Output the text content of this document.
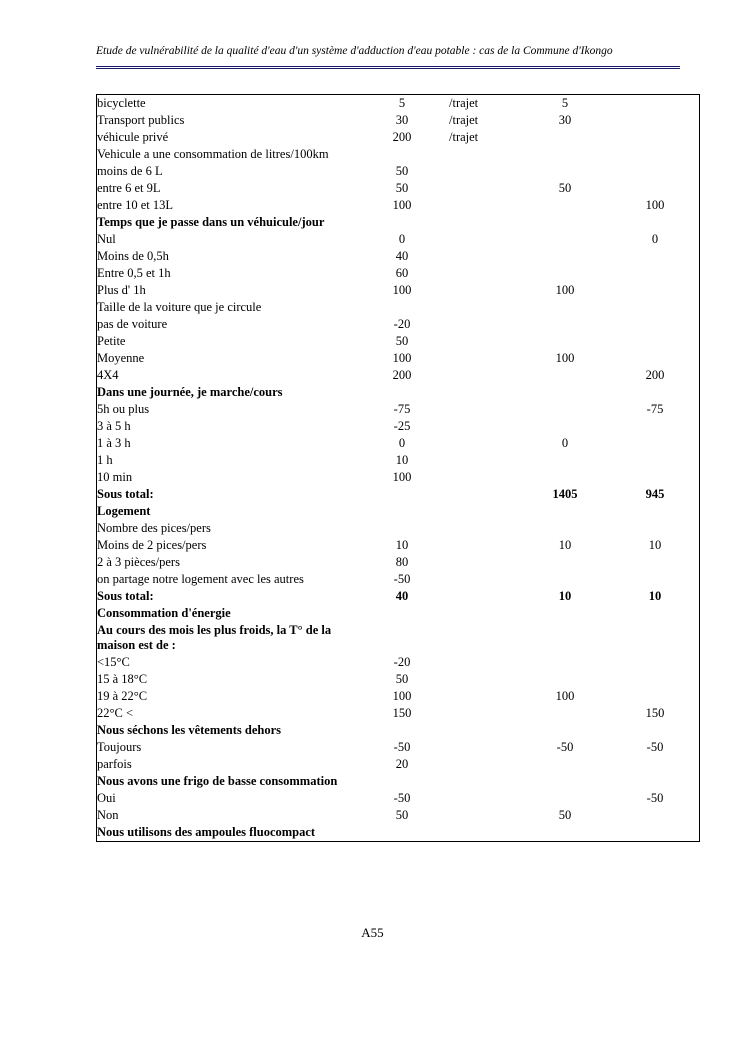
Etude de vulnérabilité de la qualité d'eau d'un système d'adduction d'eau potable : cas de la Commune d'Ikongo
bicyclette	5	/trajet	5	
Transport publics	30	/trajet	30	
véhicule privé	200	/trajet		
Vehicule a une consommation de litres/100km				
moins de 6 L	50			
entre 6 et 9L	50		50	
entre 10 et 13L	100			100
Temps que je passe dans un véhuicule/jour				
Nul	0			0
Moins de 0,5h	40			
Entre 0,5 et 1h	60			
Plus d' 1h	100		100	
Taille de la voiture que je circule				
pas de voiture	-20			
Petite	50			
Moyenne	100		100	
4X4	200			200
Dans une journée, je marche/cours				
5h ou plus	-75			-75
3 à 5 h	-25			
1 à 3 h	0		0	
1 h	10			
10 min	100			
Sous total:			1405	945
Logement				
Nombre des pices/pers				
Moins de 2 pices/pers	10		10	10
2 à 3 pièces/pers	80			
on partage notre logement avec les autres	-50			
Sous total:	40		10	10
Consommation d'énergie				
Au cours des mois les plus froids, la T° de la maison est de :				
<15°C	-20			
15 à 18°C	50			
19 à 22°C	100		100	
22°C <	150			150
Nous séchons les vêtements dehors				
Toujours	-50		-50	-50
parfois	20			
Nous avons une frigo de basse consommation				
Oui	-50			-50
Non	50		50	
Nous utilisons des ampoules fluocompact				
A55
